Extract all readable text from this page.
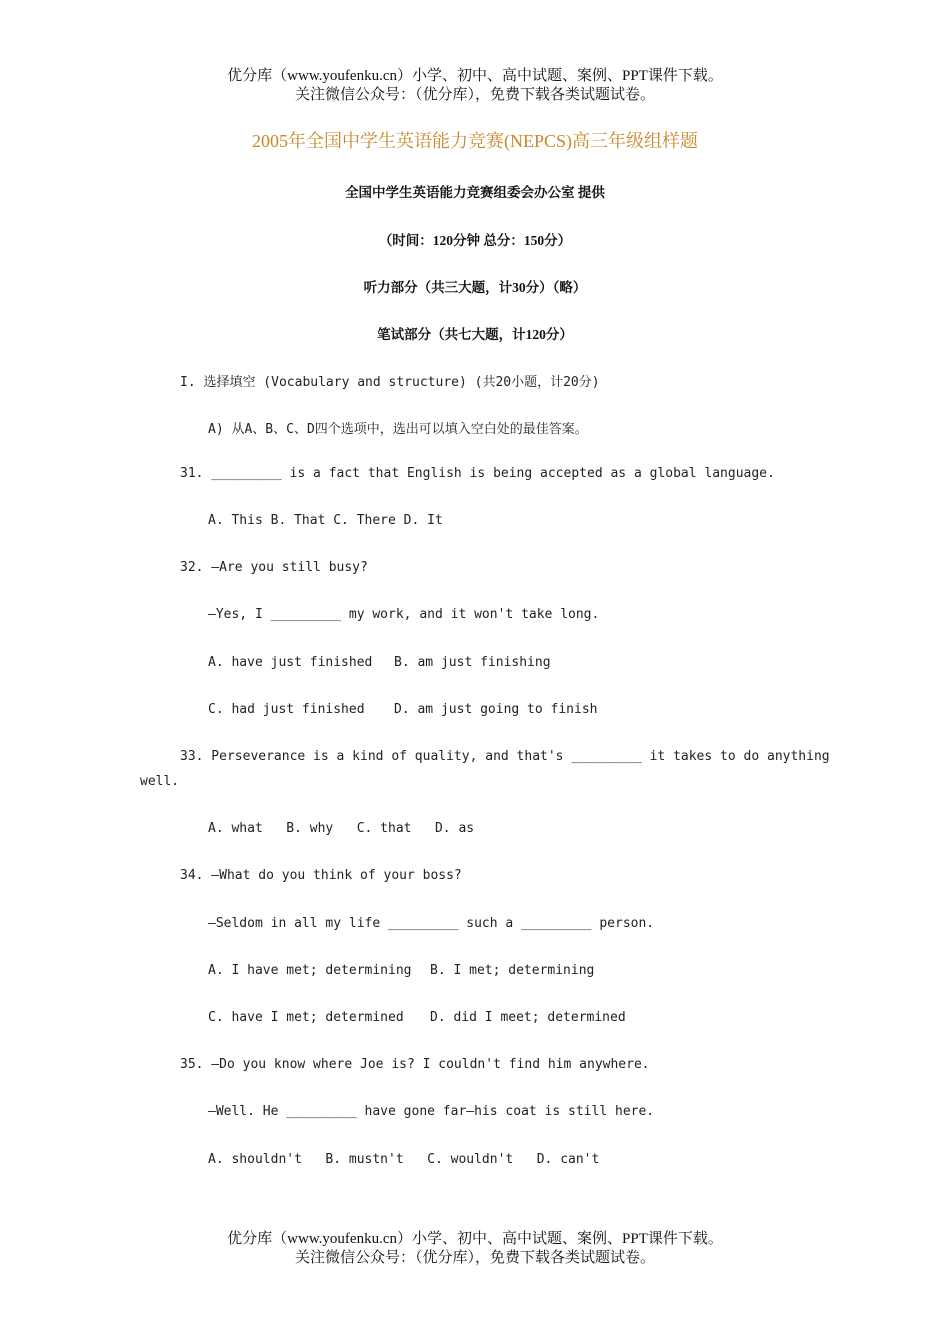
优分库（www.youfenku.cn）小学、初中、高中试题、案例、PPT课件下载。
关注微信公众号：（优分库），免费下载各类试题试卷。
2005年全国中学生英语能力竞赛(NEPCS)高三年级组样题
全国中学生英语能力竞赛组委会办公室 提供
（时间：120分钟 总分：150分）
听力部分（共三大题，计30分）（略）
笔试部分（共七大题，计120分）
I. 选择填空 (Vocabulary and structure) (共20小题，计20分)
A) 从A、B、C、D四个选项中，选出可以填入空白处的最佳答案。
31. _________ is a fact that English is being accepted as a global language.
A. This B. That C. There D. It
32. —Are you still busy?
—Yes, I _________ my work, and it won't take long.
A. have just finished B. am just finishing
C. had just finished D. am just going to finish
33. Perseverance is a kind of quality, and that's _________ it takes to do anything
well.
A. what   B. why   C. that   D. as
34. —What do you think of your boss?
—Seldom in all my life _________ such a _________ person.
A. I have met; determining B. I met; determining
C. have I met; determined D. did I meet; determined
35. —Do you know where Joe is? I couldn't find him anywhere.
—Well. He _________ have gone far—his coat is still here.
A. shouldn't   B. mustn't   C. wouldn't   D. can't
优分库（www.youfenku.cn）小学、初中、高中试题、案例、PPT课件下载。
关注微信公众号：（优分库），免费下载各类试题试卷。
